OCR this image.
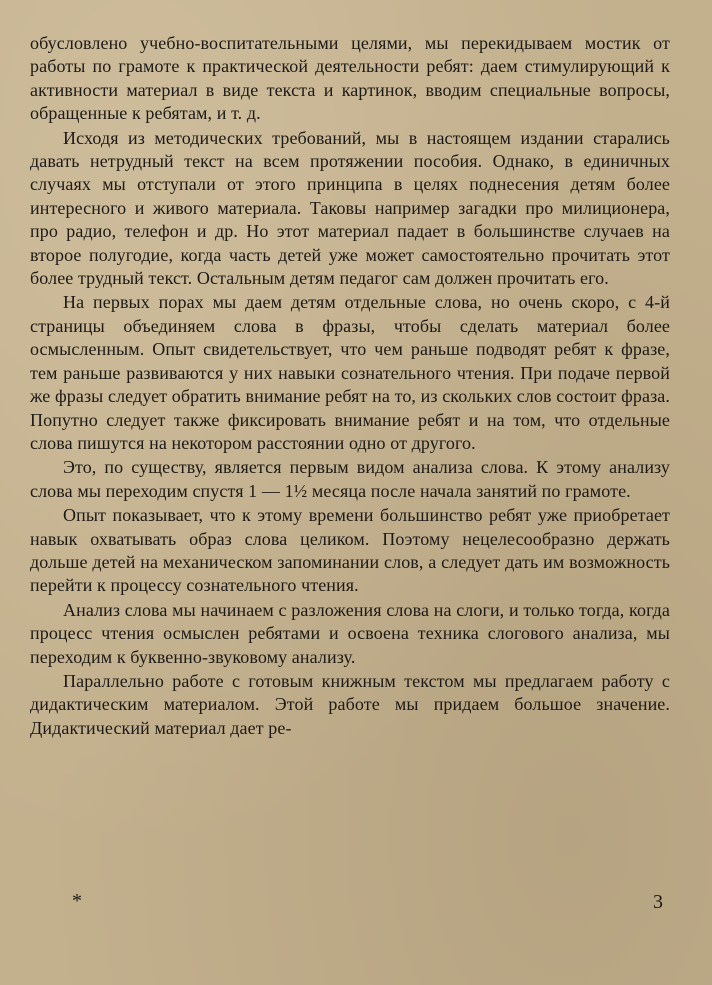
обусловлено учебно-воспитательными целями, мы перекидываем мостик от работы по грамоте к практической деятельности ребят: даем стимулирующий к активности материал в виде текста и картинок, вводим специальные вопросы, обращенные к ребятам, и т. д.

Исходя из методических требований, мы в настоящем издании старались давать нетрудный текст на всем протяжении пособия. Однако, в единичных случаях мы отступали от этого принципа в целях поднесения детям более интересного и живого материала. Таковы например загадки про милиционера, про радио, телефон и др. Но этот материал падает в большинстве случаев на второе полугодие, когда часть детей уже может самостоятельно прочитать этот более трудный текст. Остальным детям педагог сам должен прочитать его.

На первых порах мы даем детям отдельные слова, но очень скоро, с 4-й страницы объединяем слова в фразы, чтобы сделать материал более осмысленным. Опыт свидетельствует, что чем раньше подводят ребят к фразе, тем раньше развиваются у них навыки сознательного чтения. При подаче первой же фразы следует обратить внимание ребят на то, из скольких слов состоит фраза. Попутно следует также фиксировать внимание ребят и на том, что отдельные слова пишутся на некотором расстоянии одно от другого.

Это, по существу, является первым видом анализа слова. К этому анализу слова мы переходим спустя 1 — 1½ месяца после начала занятий по грамоте.

Опыт показывает, что к этому времени большинство ребят уже приобретает навык охватывать образ слова целиком. Поэтому нецелесообразно держать дольше детей на механическом запоминании слов, а следует дать им возможность перейти к процессу сознательного чтения.

Анализ слова мы начинаем с разложения слова на слоги, и только тогда, когда процесс чтения осмыслен ребятами и освоена техника слогового анализа, мы переходим к буквенно-звуковому анализу.

Параллельно работе с готовым книжным текстом мы предлагаем работу с дидактическим материалом. Этой работе мы придаем большое значение. Дидактический материал дает ре-

*	3
